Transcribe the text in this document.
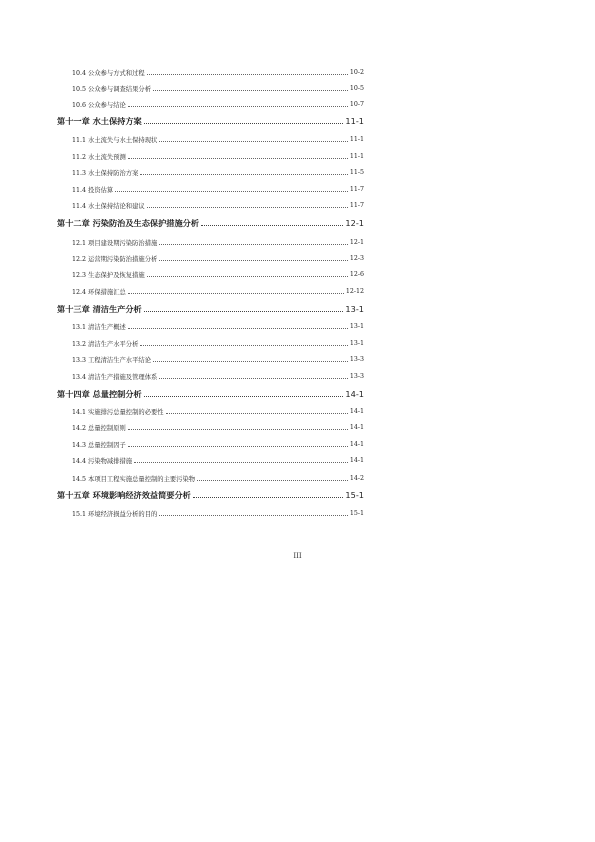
10.4 公众参与方式和过程	10-2
10.5 公众参与调查结果分析	10-5
10.6 公众参与结论	10-7
第十一章 水土保持方案	11-1
11.1 水土流失与水土保持现状	11-1
11.2 水土流失预测	11-1
11.3 水土保持防治方案	11-5
11.4 投资估算	11-7
11.4 水土保持结论和建议	11-7
第十二章 污染防治及生态保护措施分析	12-1
12.1 项目建设期污染防治措施	12-1
12.2 运营期污染防治措施分析	12-3
12.3 生态保护及恢复措施	12-6
12.4 环保措施汇总	12-12
第十三章 清洁生产分析	13-1
13.1 清洁生产概述	13-1
13.2 清洁生产水平分析	13-1
13.3 工程清洁生产水平结论	13-3
13.4 清洁生产措施及管理体系	13-3
第十四章 总量控制分析	14-1
14.1 实施排污总量控制的必要性	14-1
14.2 总量控制原则	14-1
14.3 总量控制因子	14-1
14.4 污染物减排措施	14-1
14.5 本项目工程实施总量控制的主要污染物	14-2
第十五章 环境影响经济效益简要分析	15-1
15.1 环境经济损益分析的目的	15-1
III
